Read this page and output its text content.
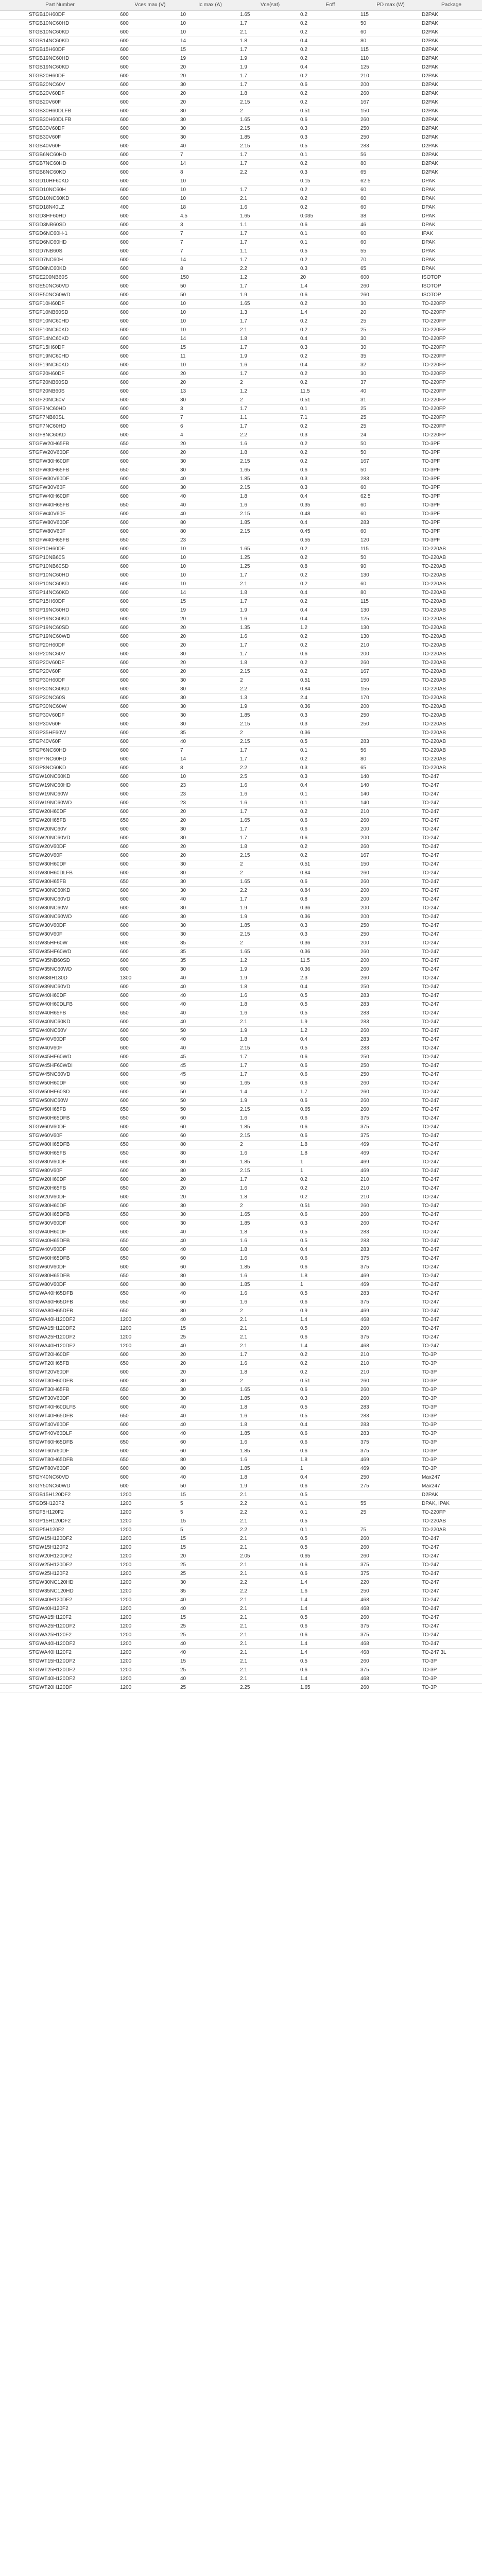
Part Number	Vces max (V)	Ic max (A)	Vce(sat)	Eoff	PD max (W)	Package
STGB10H60DF	600	10	1.65	0.2	115	D2PAK
STGB10NC60HD	600	10	1.7	0.2	50	D2PAK
STGB10NC60KD	600	10	2.1	0.2	60	D2PAK
STGB14NC60KD	600	14	1.8	0.4	80	D2PAK
STGB15H60DF	600	15	1.7	0.2	115	D2PAK
STGB19NC60HD	600	19	1.9	0.2	110	D2PAK
STGB19NC60KD	600	20	1.9	0.4	125	D2PAK
STGB20H60DF	600	20	1.7	0.2	210	D2PAK
STGB20NC60V	600	30	1.7	0.6	200	D2PAK
STGB20V60DF	600	20	1.8	0.2	260	D2PAK
STGB20V60F	600	20	2.15	0.2	167	D2PAK
STGB30H60DLFB	600	30	2	0.51	150	D2PAK
STGB30H60DLFB	600	30	1.65	0.6	260	D2PAK
STGB30V60DF	600	30	2.15	0.3	250	D2PAK
STGB30V60F	600	30	1.85	0.3	250	D2PAK
STGB40V60F	600	40	2.15	0.5	283	D2PAK
STGB6NC60HD	600	7	1.7	0.1	56	D2PAK
STGB7NC60HD	600	14	1.7	0.2	80	D2PAK
STGB8NC60KD	600	8	2.2	0.3	65	D2PAK
STGD10HF60KD	600	10		0.15	62.5	DPAK
STGD10NC60H	600	10	1.7	0.2	60	DPAK
STGD10NC60KD	600	10	2.1	0.2	60	DPAK
STGD18N40LZ	400	18	1.6	0.2	60	DPAK
STGD3HF60HD	600	4.5	1.65	0.035	38	DPAK
STGD3NB60SD	600	3	1.1	0.6	46	DPAK
STGD6NC60H-1	600	7	1.7	0.1	60	IPAK
STGD6NC60HD	600	7	1.7	0.1	60	DPAK
STGD7NB60S	600	7	1.1	0.5	55	DPAK
STGD7NC60H	600	14	1.7	0.2	70	DPAK
STGD8NC60KD	600	8	2.2	0.3	65	DPAK
STGE200NB60S	600	150	1.2	20	600	ISOTOP
STGE50NC60VD	600	50	1.7	1.4	260	ISOTOP
STGE50NC60WD	600	50	1.9	0.6	260	ISOTOP
STGF10H60DF	600	10	1.65	0.2	30	TO-220FP
STGF10NB60SD	600	10	1.3	1.4	20	TO-220FP
STGF10NC60HD	600	10	1.7	0.2	25	TO-220FP
STGF10NC60KD	600	10	2.1	0.2	25	TO-220FP
STGF14NC60KD	600	14	1.8	0.4	30	TO-220FP
STGF15H60DF	600	15	1.7	0.3	30	TO-220FP
STGF19NC60HD	600	11	1.9	0.2	35	TO-220FP
STGF19NC60KD	600	10	1.6	0.4	32	TO-220FP
STGF20H60DF	600	20	1.7	0.2	30	TO-220FP
STGF20NB60SD	600	20	2	0.2	37	TO-220FP
STGF20NB60S	600	13	1.2	11.5	40	TO-220FP
STGF20NC60V	600	30	2	0.51	31	TO-220FP
STGF3NC60HD	600	3	1.7	0.1	25	TO-220FP
STGF7NB60SL	600	7	1.1	7.1	25	TO-220FP
STGF7NC60HD	600	6	1.7	0.2	25	TO-220FP
STGF8NC60KD	600	4	2.2	0.3	24	TO-220FP
STGFW20H65FB	650	20	1.6	0.2	50	TO-3PF
STGFW20V60DF	600	20	1.8	0.2	50	TO-3PF
STGFW30H60DF	600	30	2.15	0.2	167	TO-3PF
STGFW30H65FB	650	30	1.65	0.6	50	TO-3PF
STGFW30V60DF	600	40	1.85	0.3	283	TO-3PF
STGFW30V60F	600	30	2.15	0.3	60	TO-3PF
STGFW40H60DF	600	40	1.8	0.4	62.5	TO-3PF
STGFW40H65FB	650	40	1.6	0.35	60	TO-3PF
STGFW40V60F	600	40	2.15	0.48	60	TO-3PF
STGFW80V60DF	600	80	1.85	0.4	283	TO-3PF
STGFW80V60F	600	80	2.15	0.45	60	TO-3PF
STGFW40H65FB	650	23		0.55	120	TO-3PF
STGP10H60DF	600	10	1.65	0.2	115	TO-220AB
STGP10NB60S	600	10	1.25	0.2	50	TO-220AB
STGP10NB60SD	600	10	1.25	0.8	90	TO-220AB
STGP10NC60HD	600	10	1.7	0.2	130	TO-220AB
STGP10NC60KD	600	10	2.1	0.2	60	TO-220AB
STGP14NC60KD	600	14	1.8	0.4	80	TO-220AB
STGP15H60DF	600	15	1.7	0.2	115	TO-220AB
STGP19NC60HD	600	19	1.9	0.4	130	TO-220AB
STGP19NC60KD	600	20	1.6	0.4	125	TO-220AB
STGP19NC60SD	600	20	1.35	1.2	130	TO-220AB
STGP19NC60WD	600	20	1.6	0.2	130	TO-220AB
STGP20H60DF	600	20	1.7	0.2	210	TO-220AB
STGP20NC60V	600	30	1.7	0.6	200	TO-220AB
STGP20V60DF	600	20	1.8	0.2	260	TO-220AB
STGP20V60F	600	20	2.15	0.2	167	TO-220AB
STGP30H60DF	600	30	2	0.51	150	TO-220AB
STGP30NC60KD	600	30	2.2	0.84	155	TO-220AB
STGP30NC60S	600	30	1.3	2.4	170	TO-220AB
STGP30NC60W	600	30	1.9	0.36	200	TO-220AB
STGP30V60DF	600	30	1.85	0.3	250	TO-220AB
STGP30V60F	600	30	2.15	0.3	250	TO-220AB
STGP35HF60W	600	35	2	0.36		TO-220AB
STGP40V60F	600	40	2.15	0.5	283	TO-220AB
STGP6NC60HD	600	7	1.7	0.1	56	TO-220AB
STGP7NC60HD	600	14	1.7	0.2	80	TO-220AB
STGP8NC60KD	600	8	2.2	0.3	65	TO-220AB
STGW10NC60KD	600	10	2.5	0.3	140	TO-247
STGW19NC60HD	600	23	1.6	0.4	140	TO-247
STGW19NC60W	600	23	1.6	0.1	140	TO-247
STGW19NC60WD	600	23	1.6	0.1	140	TO-247
STGW20H60DF	600	20	1.7	0.2	210	TO-247
STGW20H65FB	650	20	1.65	0.6	260	TO-247
STGW20NC60V	600	30	1.7	0.6	200	TO-247
STGW20NC60VD	600	30	1.7	0.6	200	TO-247
STGW20V60DF	600	20	1.8	0.2	260	TO-247
STGW20V60F	600	20	2.15	0.2	167	TO-247
STGW30H60DF	600	30	2	0.51	150	TO-247
STGW30H60DLFB	600	30	2	0.84	260	TO-247
STGW30H65FB	650	30	1.65	0.6	260	TO-247
STGW30NC60KD	600	30	2.2	0.84	200	TO-247
STGW30NC60VD	600	40	1.7	0.8	200	TO-247
STGW30NC60W	600	30	1.9	0.36	200	TO-247
STGW30NC60WD	600	30	1.9	0.36	200	TO-247
STGW30V60DF	600	30	1.85	0.3	250	TO-247
STGW30V60F	600	30	2.15	0.3	250	TO-247
STGW35HF60W	600	35	2	0.36	200	TO-247
STGW35HF60WD	600	35	1.65	0.36	260	TO-247
STGW35NB60SD	600	35	1.2	11.5	200	TO-247
STGW35NC60WD	600	30	1.9	0.36	260	TO-247
STGW38IH130D	1300	40	1.9	2.3	260	TO-247
STGW39NC60VD	600	40	1.8	0.4	250	TO-247
STGW40H60DF	600	40	1.6	0.5	283	TO-247
STGW40H60DLFB	600	40	1.8	0.5	283	TO-247
STGW40H65FB	650	40	1.6	0.5	283	TO-247
STGW40NC60KD	600	40	2.1	1.9	283	TO-247
STGW40NC60V	600	50	1.9	1.2	260	TO-247
STGW40V60DF	600	40	1.8	0.4	283	TO-247
STGW40V60F	600	40	2.15	0.5	283	TO-247
STGW45HF60WD	600	45	1.7	0.6	250	TO-247
STGW45HF60WDI	600	45	1.7	0.6	250	TO-247
STGW45NC60VD	600	45	1.7	0.6	250	TO-247
STGW50H60DF	600	50	1.65	0.6	260	TO-247
STGW50HF60SD	600	50	1.4	1.7	260	TO-247
STGW50NC60W	600	50	1.9	0.6	260	TO-247
STGW50H65FB	650	50	2.15	0.65	260	TO-247
STGW60H65DFB	650	60	1.6	0.6	375	TO-247
STGW60V60DF	600	60	1.85	0.6	375	TO-247
STGW60V60F	600	60	2.15	0.6	375	TO-247
STGW80H65DFB	650	80	2	1.8	469	TO-247
STGW80H65FB	650	80	1.6	1.8	469	TO-247
STGW80V60DF	600	80	1.85	1	469	TO-247
STGW80V60F	600	80	2.15	1	469	TO-247
STGW20H60DF	600	20	1.7	0.2	210	TO-247
STGW20H65FB	650	20	1.6	0.2	210	TO-247
STGW20V60DF	600	20	1.8	0.2	210	TO-247
STGW30H60DF	600	30	2	0.51	260	TO-247
STGW30H65DFB	650	30	1.65	0.6	260	TO-247
STGW30V60DF	600	30	1.85	0.3	260	TO-247
STGW40H60DF	600	40	1.8	0.5	283	TO-247
STGW40H65DFB	650	40	1.6	0.5	283	TO-247
STGW40V60DF	600	40	1.8	0.4	283	TO-247
STGW60H65DFB	650	60	1.6	0.6	375	TO-247
STGW60V60DF	600	60	1.85	0.6	375	TO-247
STGW80H65DFB	650	80	1.6	1.8	469	TO-247
STGW80V60DF	600	80	1.85	1	469	TO-247
STGWA40H65DFB	650	40	1.6	0.5	283	TO-247
STGWA60H65DFB	650	60	1.6	0.6	375	TO-247
STGWA80H65DFB	650	80	2	0.9	469	TO-247
STGWA40H120DF2	1200	40	2.1	1.4	468	TO-247
STGWA15H120DF2	1200	15	2.1	0.5	260	TO-247
STGWA25H120DF2	1200	25	2.1	0.6	375	TO-247
STGWA40H120DF2	1200	40	2.1	1.4	468	TO-247
STGWT20H60DF	600	20	1.7	0.2	210	TO-3P
STGWT20H65FB	650	20	1.6	0.2	210	TO-3P
STGWT20V60DF	600	20	1.8	0.2	210	TO-3P
STGWT30H60DFB	600	30	2	0.51	260	TO-3P
STGWT30H65FB	650	30	1.65	0.6	260	TO-3P
STGWT30V60DF	600	30	1.85	0.3	260	TO-3P
STGWT40H60DLFB	600	40	1.8	0.5	283	TO-3P
STGWT40H65DFB	650	40	1.6	0.5	283	TO-3P
STGWT40V60DF	600	40	1.8	0.4	283	TO-3P
STGWT40V60DLF	600	40	1.85	0.6	283	TO-3P
STGWT60H65DFB	650	60	1.6	0.6	375	TO-3P
STGWT60V60DF	600	60	1.85	0.6	375	TO-3P
STGWT80H65DFB	650	80	1.6	1.8	469	TO-3P
STGWT80V60DF	600	80	1.85	1	469	TO-3P
STGY40NC60VD	600	40	1.8	0.4	250	Max247
STGY50NC60WD	600	50	1.9	0.6	275	Max247
STGB15H120DF2	1200	15	2.1	0.5		D2PAK
STGD5H120F2	1200	5	2.2	0.1	55	DPAK, IPAK
STGF5H120F2	1200	5	2.2	0.1	25	TO-220FP
STGP15H120DF2	1200	15	2.1	0.5		TO-220AB
STGP5H120F2	1200	5	2.2	0.1	75	TO-220AB
STGW15H120DF2	1200	15	2.1	0.5	260	TO-247
STGW15H120F2	1200	15	2.1	0.5	260	TO-247
STGW20H120DF2	1200	20	2.05	0.65	260	TO-247
STGW25H120DF2	1200	25	2.1	0.6	375	TO-247
STGW25H120F2	1200	25	2.1	0.6	375	TO-247
STGW30NC120HD	1200	30	2.2	1.4	220	TO-247
STGW35NC120HD	1200	35	2.2	1.6	250	TO-247
STGW40H120DF2	1200	40	2.1	1.4	468	TO-247
STGW40H120F2	1200	40	2.1	1.4	468	TO-247
STGWA15H120F2	1200	15	2.1	0.5	260	TO-247
STGWA25H120DF2	1200	25	2.1	0.6	375	TO-247
STGWA25H120F2	1200	25	2.1	0.6	375	TO-247
STGWA40H120DF2	1200	40	2.1	1.4	468	TO-247
STGWA40H120F2	1200	40	2.1	1.4	468	TO-247 3L
STGWT15H120DF2	1200	15	2.1	0.5	260	TO-3P
STGWT25H120DF2	1200	25	2.1	0.6	375	TO-3P
STGWT40H120DF2	1200	40	2.1	1.4	468	TO-3P
STGWT20H120DF	1200	25	2.25	1.65	260	TO-3P
